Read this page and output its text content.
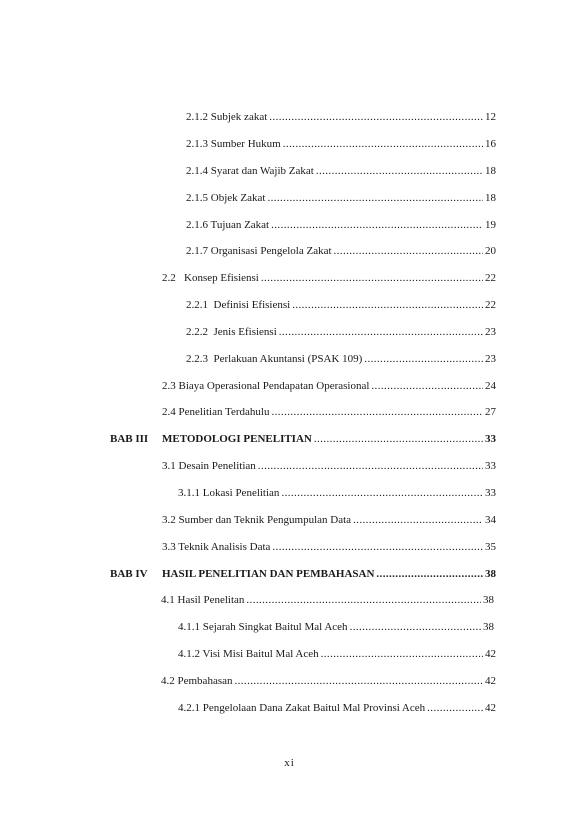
2.1.2 Subjek zakat .....	12
2.1.3 Sumber Hukum .....	16
2.1.4 Syarat dan Wajib Zakat .....	18
2.1.5 Objek Zakat .....	18
2.1.6 Tujuan Zakat .....	19
2.1.7 Organisasi Pengelola Zakat .....	20
2.2   Konsep Efisiensi .....	22
2.2.1  Definisi Efisiensi .....	22
2.2.2  Jenis Efisiensi .....	23
2.2.3  Perlakuan Akuntansi (PSAK 109) .....	23
2.3 Biaya Operasional Pendapatan Operasional .....	24
2.4 Penelitian Terdahulu .....	27
BAB III METODOLOGI PENELITIAN .....	33
3.1 Desain Penelitian .....	33
3.1.1 Lokasi Penelitian .....	33
3.2 Sumber dan Teknik Pengumpulan Data .....	34
3.3 Teknik Analisis Data .....	35
BAB IV HASIL PENELITIAN DAN PEMBAHASAN .....	38
4.1 Hasil Penelitan .....	38
4.1.1 Sejarah Singkat Baitul Mal Aceh .....	38
4.1.2 Visi Misi Baitul Mal Aceh .....	42
4.2 Pembahasan .....	42
4.2.1 Pengelolaan Dana Zakat Baitul Mal Provinsi Aceh .....	42
xi
